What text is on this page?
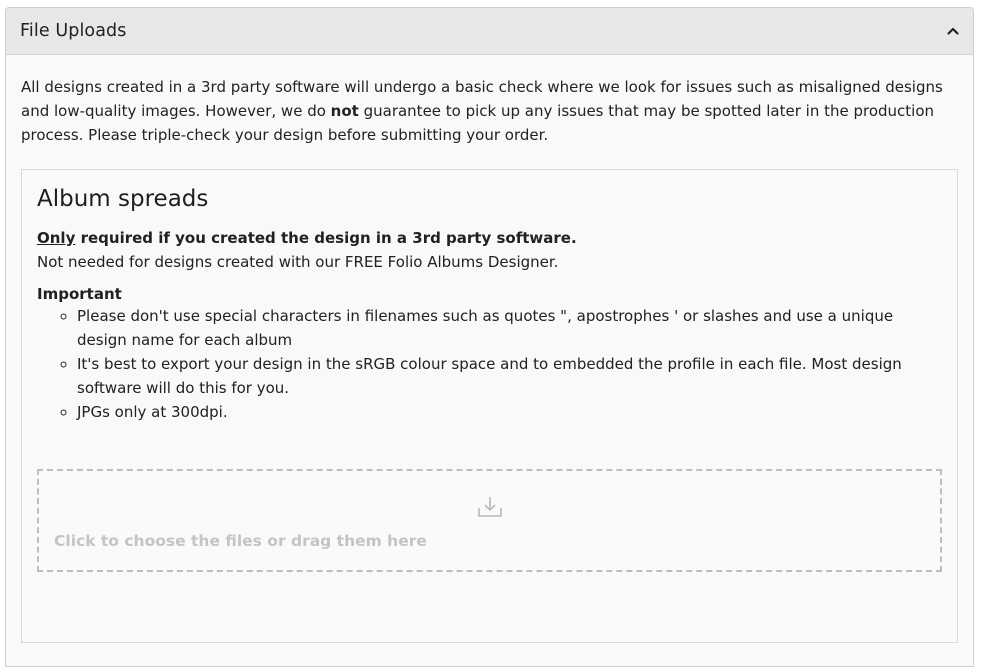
File Uploads

All designs created in a 3rd party software will undergo a basic check where we look for issues such as misaligned designs and low-quality images. However, we do not guarantee to pick up any issues that may be spotted later in the production process. Please triple-check your design before submitting your order.

Album spreads
Only required if you created the design in a 3rd party software.
Not needed for designs created with our FREE Folio Albums Designer.
Important
◦ Please don't use special characters in filenames such as quotes ", apostrophes ' or slashes and use a unique design name for each album
◦ It's best to export your design in the sRGB colour space and to embedded the profile in each file. Most design software will do this for you.
◦ JPGs only at 300dpi.
Click to choose the files or drag them here
